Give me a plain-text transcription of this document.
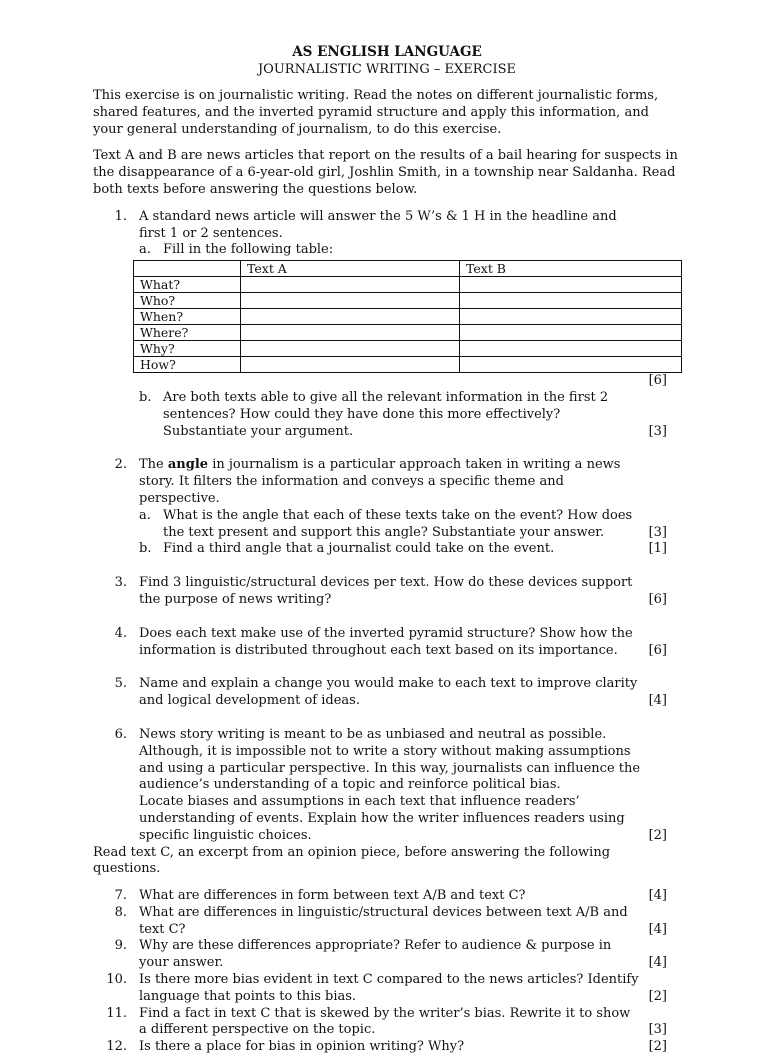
AS ENGLISH LANGUAGE
JOURNALISTIC WRITING – EXERCISE

This exercise is on journalistic writing. Read the notes on different journalistic forms, shared features, and the inverted pyramid structure and apply this information, and your general understanding of journalism, to do this exercise.

Text A and B are news articles that report on the results of a bail hearing for suspects in the disappearance of a 6-year-old girl, Joshlin Smith, in a township near Saldanha. Read both texts before answering the questions below.

1. A standard news article will answer the 5 W’s & 1 H in the headline and first 1 or 2 sentences.
a. Fill in the following table:
	Text A	Text B
What?		
Who?		
When?		
Where?		
Why?		
How?		
[6]
b. Are both texts able to give all the relevant information in the first 2 sentences? How could they have done this more effectively? Substantiate your argument.	[3]
2. The angle in journalism is a particular approach taken in writing a news story. It filters the information and conveys a specific theme and perspective.
a. What is the angle that each of these texts take on the event? How does the text present and support this angle? Substantiate your answer.	[3]
b. Find a third angle that a journalist could take on the event.	[1]
3. Find 3 linguistic/structural devices per text. How do these devices support the purpose of news writing?	[6]
4. Does each text make use of the inverted pyramid structure? Show how the information is distributed throughout each text based on its importance.	[6]
5. Name and explain a change you would make to each text to improve clarity and logical development of ideas.	[4]
6. News story writing is meant to be as unbiased and neutral as possible. Although, it is impossible not to write a story without making assumptions and using a particular perspective. In this way, journalists can influence the audience’s understanding of a topic and reinforce political bias.
Locate biases and assumptions in each text that influence readers’ understanding of events. Explain how the writer influences readers using specific linguistic choices.	[2]

Read text C, an excerpt from an opinion piece, before answering the following questions.

7. What are differences in form between text A/B and text C?	[4]
8. What are differences in linguistic/structural devices between text A/B and text C?	[4]
9. Why are these differences appropriate? Refer to audience & purpose in your answer.	[4]
10. Is there more bias evident in text C compared to the news articles? Identify language that points to this bias.	[2]
11. Find a fact in text C that is skewed by the writer’s bias. Rewrite it to show a different perspective on the topic.	[3]
12. Is there a place for bias in opinion writing? Why?	[2]
